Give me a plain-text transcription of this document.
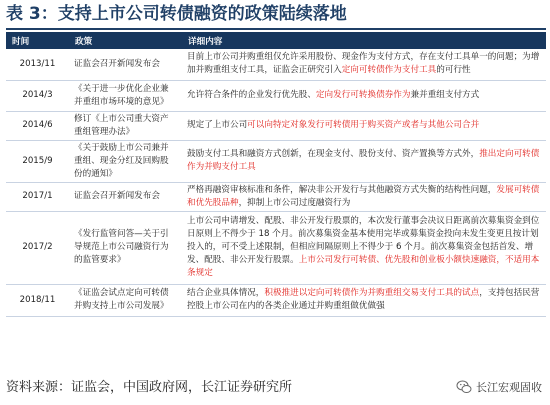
表 3：支持上市公司转债融资的政策陆续落地
时间	政策	详细内容
2013/11	证监会召开新闻发布会	目前上市公司并购重组仅允许采用股份、现金作为支付方式，存在支付工具单一的问题；为增加并购重组支付工具，证监会正研究引入定向可转债作为支付工具的可行性
2014/3	《关于进一步优化企业兼并重组市场环境的意见》	允许符合条件的企业发行优先股、定向发行可转换债券作为兼并重组支付方式
2014/6	修订《上市公司重大资产重组管理办法》	规定了上市公司可以向特定对象发行可转债用于购买资产或者与其他公司合并
2015/9	《关于鼓励上市公司兼并重组、现金分红及回购股份的通知》	鼓励支付工具和融资方式创新，在现金支付、股份支付、资产置换等方式外，推出定向可转债作为并购支付工具
2017/1	证监会召开新闻发布会	严格再融资审核标准和条件，解决非公开发行与其他融资方式失衡的结构性问题，发展可转债和优先股品种，抑制上市公司过度融资行为
2017/2	《发行监管问答—关于引导规范上市公司融资行为的监管要求》	上市公司申请增发、配股、非公开发行股票的，本次发行董事会决议日距离前次募集资金到位日原则上不得少于 18 个月。前次募集资金基本使用完毕或募集资金投向未发生变更且按计划投入的，可不受上述限制，但相应间隔原则上不得少于 6 个月。前次募集资金包括首发、增发、配股、非公开发行股票。上市公司发行可转债、优先股和创业板小额快速融资，不适用本条规定
2018/11	《证监会试点定向可转债并购支持上市公司发展》	结合企业具体情况，积极推进以定向可转债作为并购重组交易支付工具的试点，支持包括民营控股上市公司在内的各类企业通过并购重组做优做强
资料来源：证监会，中国政府网，长江证券研究所	长江宏观固收
